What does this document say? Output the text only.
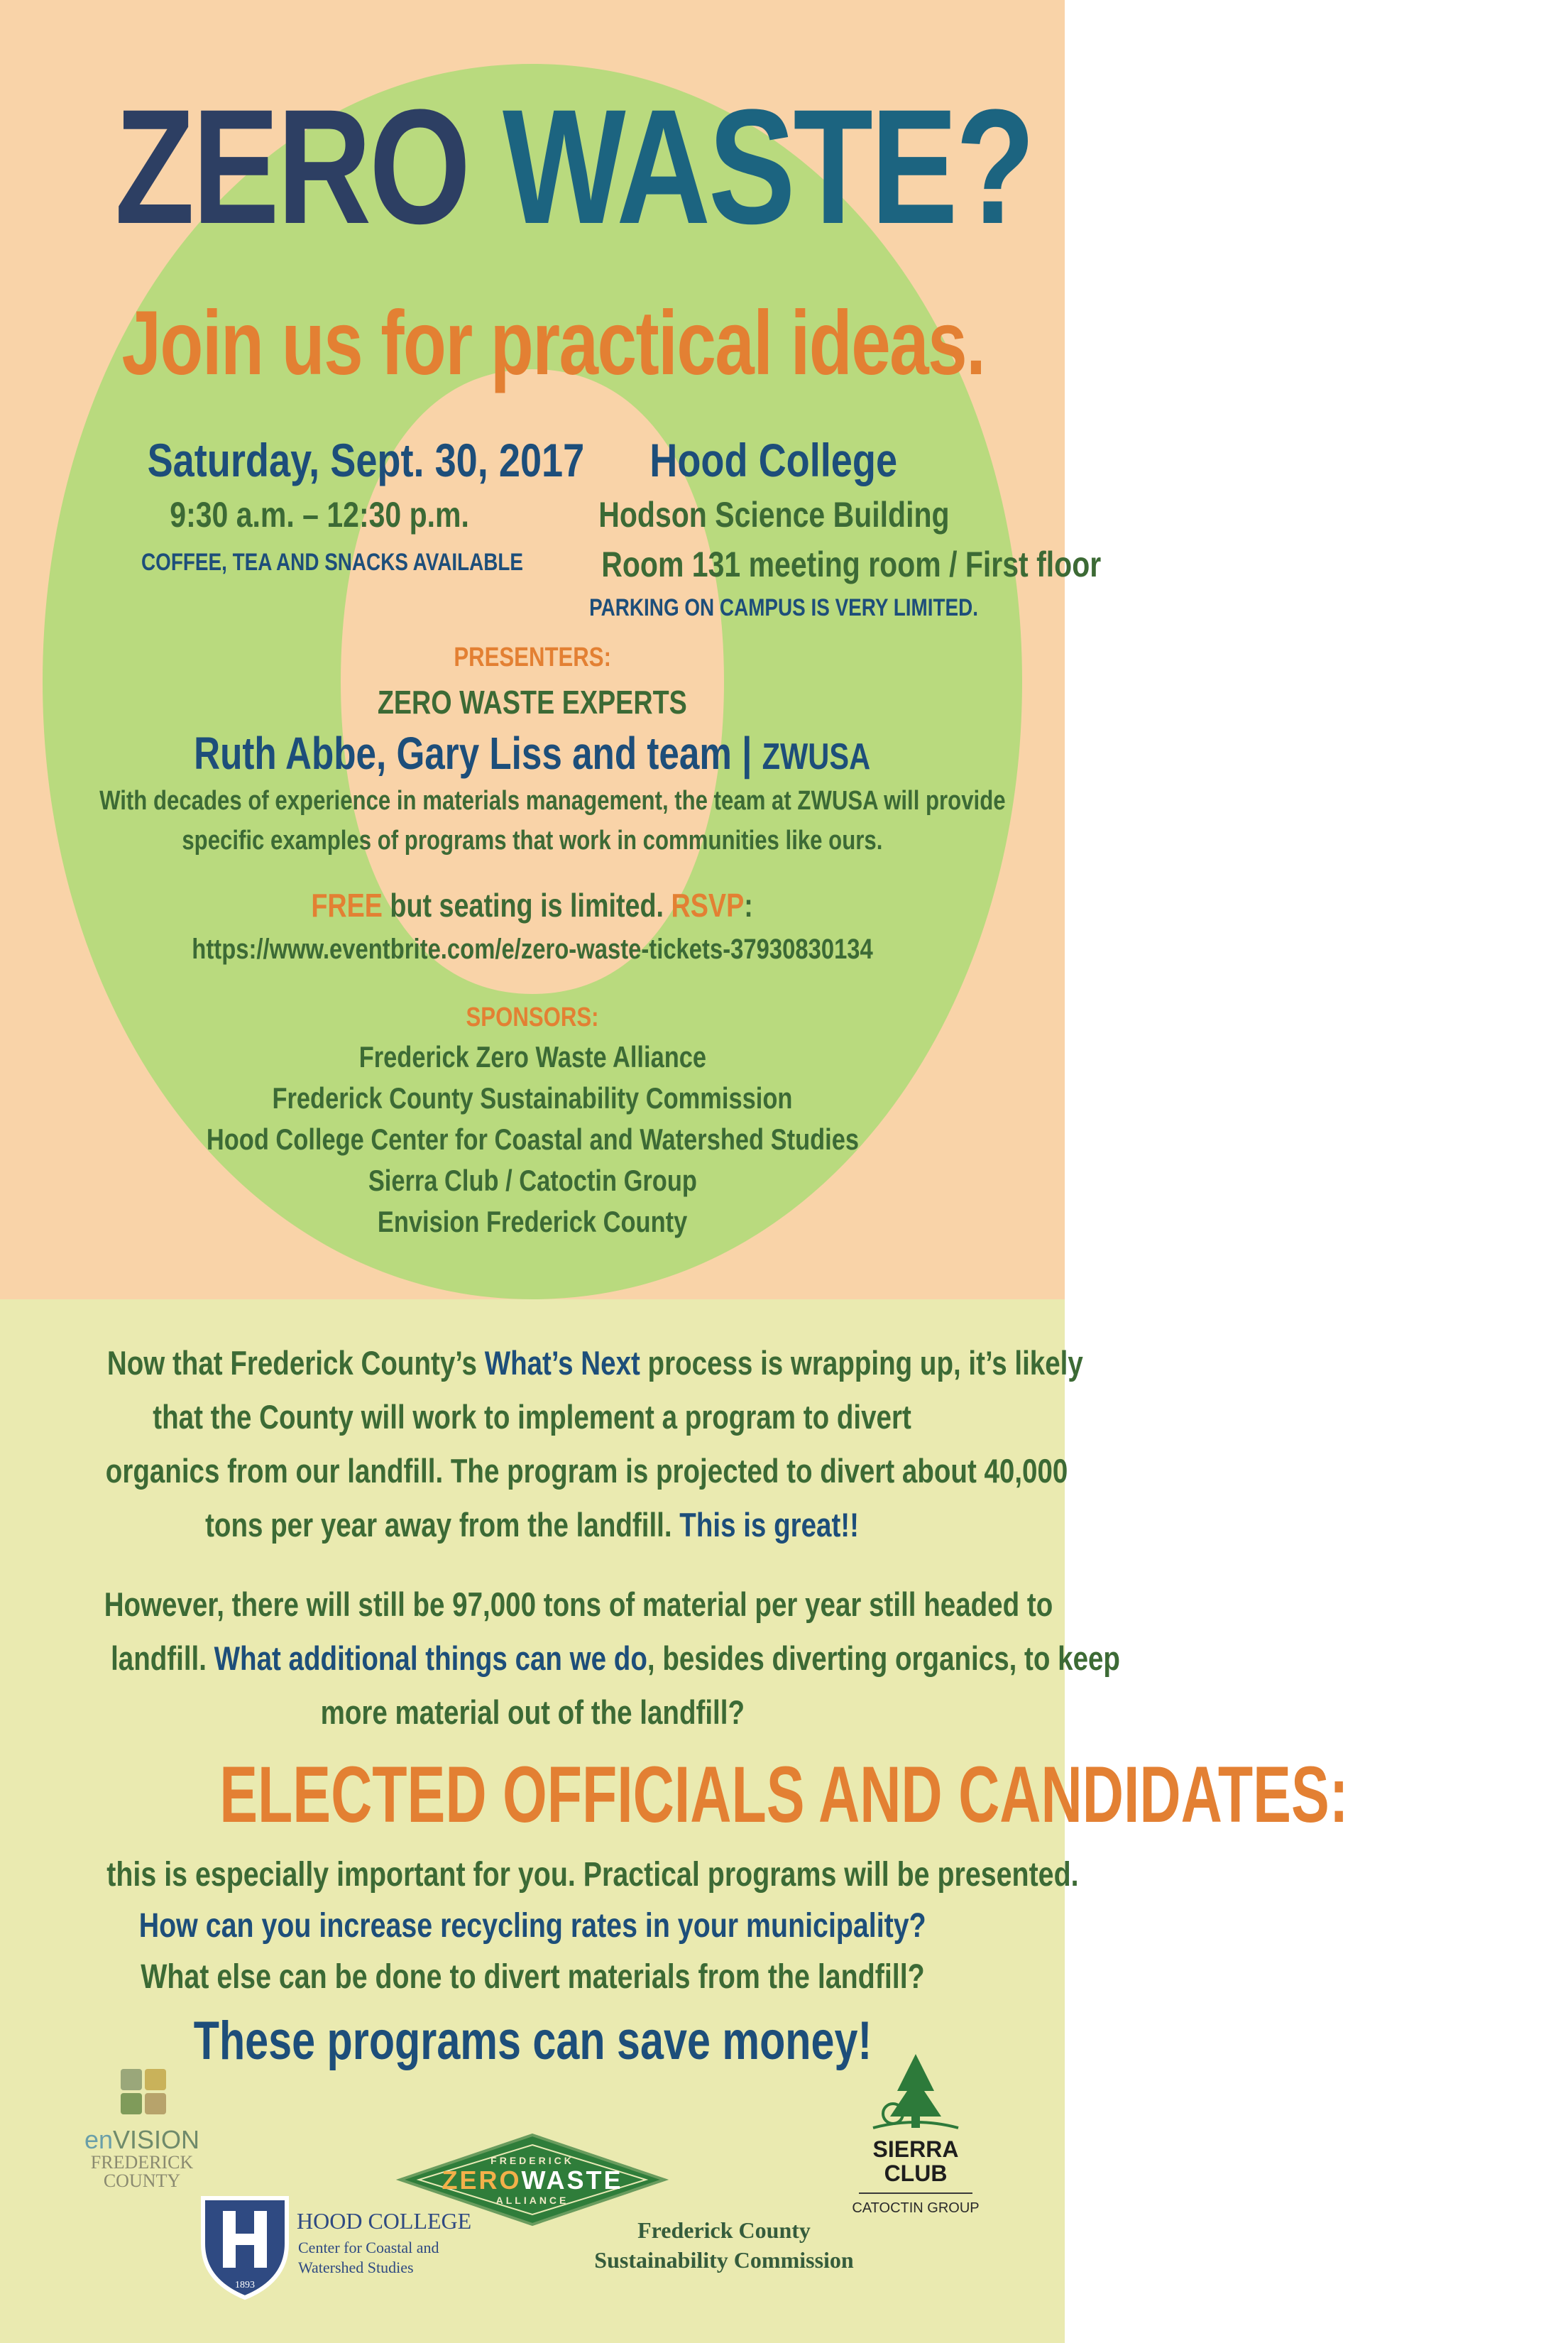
ZERO WASTE?
Join us for practical ideas.
Saturday, Sept. 30, 2017
9:30 a.m. – 12:30 p.m.
COFFEE, TEA AND SNACKS AVAILABLE
Hood College
Hodson Science Building
Room 131 meeting room / First floor
PARKING ON CAMPUS IS VERY LIMITED.
PRESENTERS:
ZERO WASTE EXPERTS
Ruth Abbe, Gary Liss and team | ZWUSA
With decades of experience in materials management, the team at ZWUSA will provide
specific examples of programs that work in communities like ours.
FREE but seating is limited. RSVP:
https://www.eventbrite.com/e/zero-waste-tickets-37930830134
SPONSORS:
Frederick Zero Waste Alliance
Frederick County Sustainability Commission
Hood College Center for Coastal and Watershed Studies
Sierra Club / Catoctin Group
Envision Frederick County
Now that Frederick County’s What’s Next process is wrapping up, it’s likely
that the County will work to implement a program to divert
organics from our landfill. The program is projected to divert about 40,000
tons per year away from the landfill. This is great!!
However, there will still be 97,000 tons of material per year still headed to
landfill. What additional things can we do, besides diverting organics, to keep
more material out of the landfill?
ELECTED OFFICIALS AND CANDIDATES:
this is especially important for you. Practical programs will be presented.
How can you increase recycling rates in your municipality?
What else can be done to divert materials from the landfill?
These programs can save money!
enVISION
FREDERICK
COUNTY
FREDERICK
ZEROWASTE
ALLIANCE
SIERRA
CLUB
CATOCTIN GROUP
1893
HOOD COLLEGE
Center for Coastal and
Watershed Studies
Frederick County
Sustainability Commission
